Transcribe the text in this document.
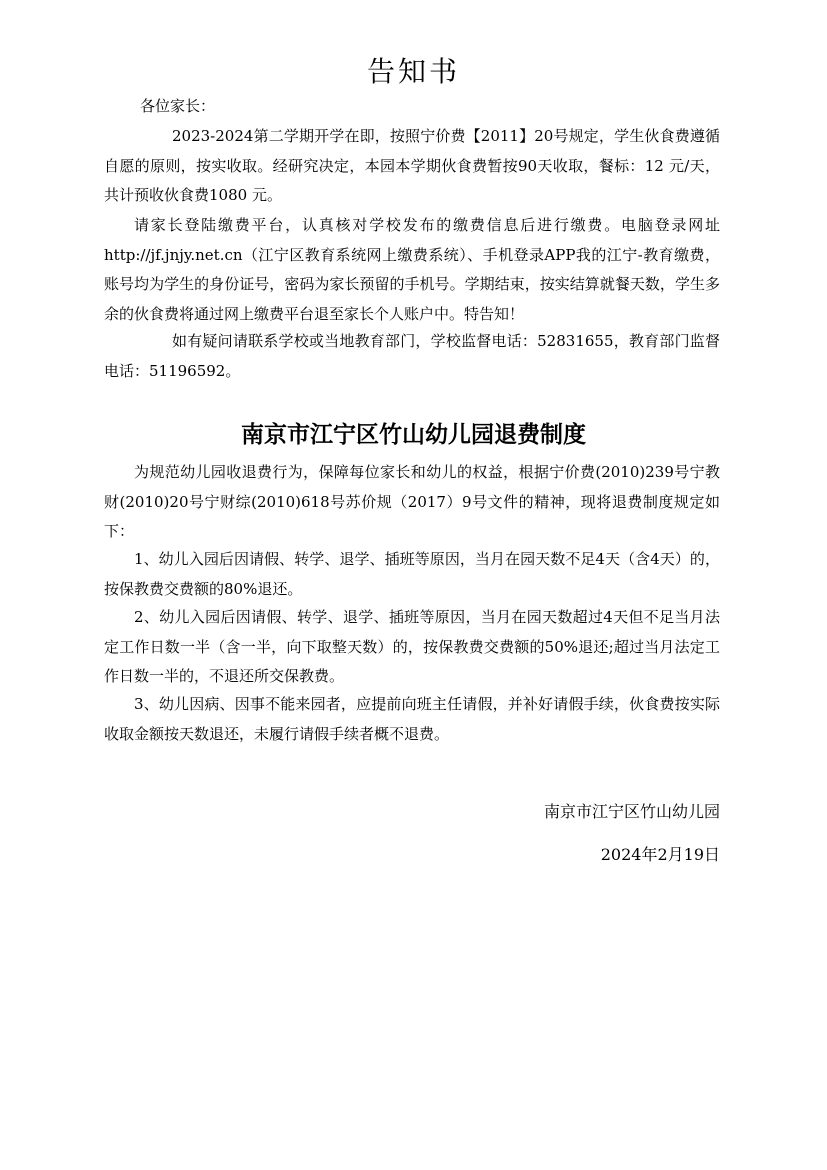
告知书
各位家长：

2023-2024第二学期开学在即，按照宁价费【2011】20号规定，学生伙食费遵循自愿的原则，按实收取。经研究决定，本园本学期伙食费暂按90天收取，餐标：12 元/天，共计预收伙食费1080 元。

请家长登陆缴费平台，认真核对学校发布的缴费信息后进行缴费。电脑登录网址http://jf.jnjy.net.cn（江宁区教育系统网上缴费系统）、手机登录APP我的江宁-教育缴费，账号均为学生的身份证号，密码为家长预留的手机号。学期结束，按实结算就餐天数，学生多余的伙食费将通过网上缴费平台退至家长个人账户中。特告知！

如有疑问请联系学校或当地教育部门，学校监督电话：52831655，教育部门监督电话：51196592。

南京市江宁区竹山幼儿园退费制度

为规范幼儿园收退费行为，保障每位家长和幼儿的权益，根据宁价费(2010)239号宁教财(2010)20号宁财综(2010)618号苏价规（2017）9号文件的精神，现将退费制度规定如下：

1、幼儿入园后因请假、转学、退学、插班等原因，当月在园天数不足4天（含4天）的，按保教费交费额的80%退还。

2、幼儿入园后因请假、转学、退学、插班等原因，当月在园天数超过4天但不足当月法定工作日数一半（含一半，向下取整天数）的，按保教费交费额的50%退还;超过当月法定工作日数一半的，不退还所交保教费。

3、幼儿因病、因事不能来园者，应提前向班主任请假，并补好请假手续，伙食费按实际收取金额按天数退还，未履行请假手续者概不退费。

南京市江宁区竹山幼儿园
2024年2月19日
